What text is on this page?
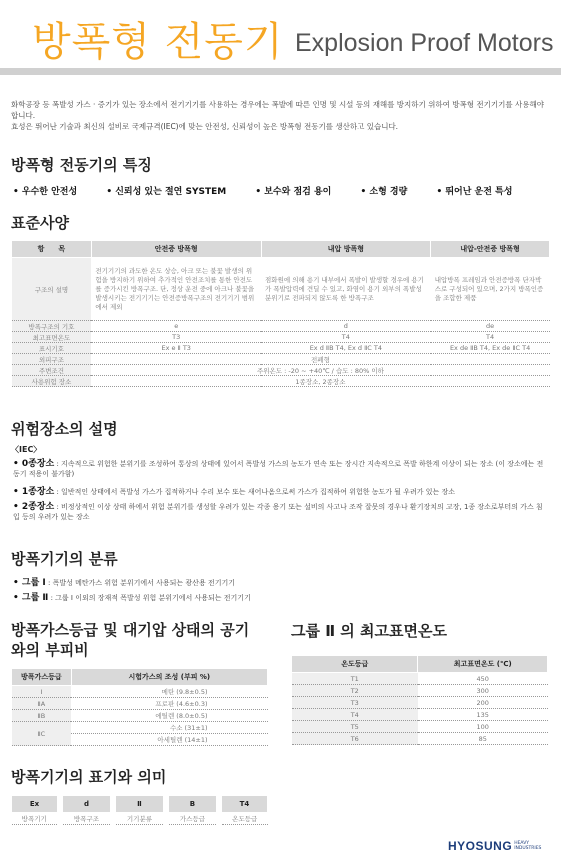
방폭형 전동기 Explosion Proof Motors

화학공장 등 폭발성 가스 · 증기가 있는 장소에서 전기기기를 사용하는 경우에는 폭발에 따른 인명 및 시설 등의 재해를 방지하기 위하여 방폭형 전기기기를 사용해야 합니다.

효성은 뛰어난 기술과 최신의 설비로 국제규격(IEC)에 맞는 안전성, 신뢰성이 높은 방폭형 전동기를 생산하고 있습니다.

방폭형 전동기의 특징
• 우수한 안전성	• 신뢰성 있는 절연 SYSTEM	• 보수와 점검 용이	• 소형 경량	• 뛰어난 운전 특성
표준사양
항　　목	안전증 방폭형	내압 방폭형	내압-안전증 방폭형
구조의 설명	전기기기의 과도한 온도 상승, 아크 또는 불꽃 발생의 위험을 방지하기 위하여 추가적인 안전조치를 통한 안전도를 증가시킨 방폭구조. 단, 정상 운전 중에 아크나 불꽃을 발생시키는 전기기기는 안전증방폭구조의 전기기기 범위에서 제외	점화원에 의해 용기 내부에서 폭발이 발생할 경우에 용기가 폭발압력에 견딜 수 있고, 화염이 용기 외부의 폭발성 분위기로 전파되지 않도록 한 방폭구조	내압방폭 프레임과 안전증방폭 단자박스로 구성되어 있으며, 2가지 방폭인증을 조합한 제품
방폭구조의 기호	e	d	de
최고표면온도	T3	T4	T4
표시기호	Ex e Ⅱ T3	Ex d ⅡB T4, Ex d ⅡC T4	Ex de ⅡB T4, Ex de ⅡC T4
외피구조	전폐형		
주변조건	주위온도 : -20 ~ +40℃ / 습도 : 80% 이하		
사용위험 장소	1종장소, 2종장소		
위험장소의 설명
〈IEC〉
• 0종장소 : 지속적으로 위험한 분위기를 조성하여 통상의 상태에 있어서 폭발성 가스의 농도가 연속 또는 장시간 지속적으로 폭발 하한계 이상이 되는 장소 (이 장소에는 전동기 적용이 불가함)
• 1종장소 : 일반적인 상태에서 폭발성 가스가 집적하거나 수리 보수 또는 새어나옴으로써 가스가 집적하여 위험한 농도가 될 우려가 있는 장소
• 2종장소 : 비정상적인 이상 상태 하에서 위험 분위기를 생성할 우려가 있는 각종 용기 또는 설비의 사고나 조작 잘못의 경우나 환기장치의 고장, 1종 장소로부터의 가스 침입 등의 우려가 있는 장소
방폭기기의 분류
• 그룹 Ⅰ : 폭발성 메탄가스 위험 분위기에서 사용되는 광산용 전기기기
• 그룹 Ⅱ : 그룹 Ⅰ 이외의 장재적 폭발성 위험 분위기에서 사용되는 전기기기
방폭가스등급 및 대기압 상태의 공기와의 부피비
방폭가스등급	시험가스의 조성 (부피 %)
Ⅰ	메탄 (9.8±0.5)
ⅡA	프로판 (4.6±0.3)
ⅡB	에틸렌 (8.0±0.5)
ⅡC	수소 (31±1)
	아세틸렌 (14±1)
그룹 Ⅱ 의 최고표면온도
온도등급	최고표면온도 (℃)
T1	450
T2	300
T3	200
T4	135
T5	100
T6	85
방폭기기의 표기와 의미
Ex	d	Ⅱ	B	T4
방폭기기	방폭구조	기기분류	가스등급	온도등급
HYOSUNG HEAVY
INDUSTRIES
